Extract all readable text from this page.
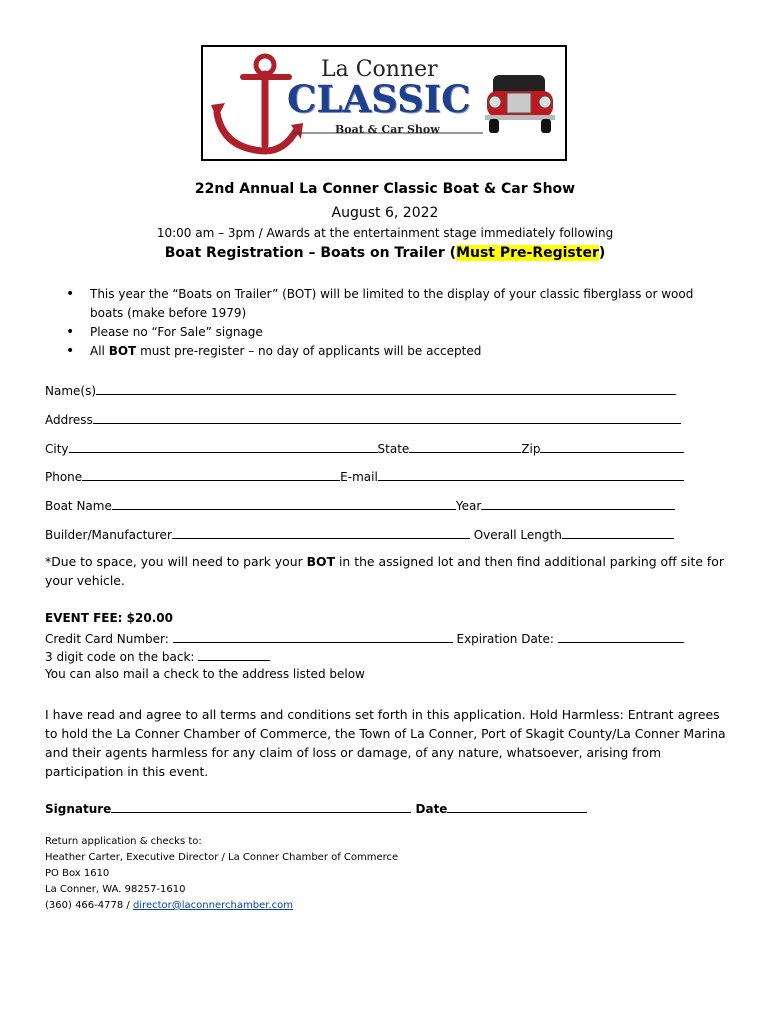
La Conner
CLASSIC
Boat & Car Show
22nd Annual La Conner Classic Boat & Car Show
August 6, 2022
10:00 am – 3pm / Awards at the entertainment stage immediately following
Boat Registration – Boats on Trailer (Must Pre-Register)
• This year the “Boats on Trailer” (BOT) will be limited to the display of your classic fiberglass or wood boats (make before 1979)
• Please no “For Sale” signage
• All BOT must pre-register – no day of applicants will be accepted
Name(s)
Address
City	State	Zip
Phone	E-mail
Boat Name	Year
Builder/Manufacturer	Overall Length
*Due to space, you will need to park your BOT in the assigned lot and then find additional parking off site for your vehicle.
EVENT FEE: $20.00
Credit Card Number:	Expiration Date:
3 digit code on the back:
You can also mail a check to the address listed below
I have read and agree to all terms and conditions set forth in this application. Hold Harmless: Entrant agrees to hold the La Conner Chamber of Commerce, the Town of La Conner, Port of Skagit County/La Conner Marina and their agents harmless for any claim of loss or damage, of any nature, whatsoever, arising from participation in this event.
Signature	Date
Return application & checks to:
Heather Carter, Executive Director / La Conner Chamber of Commerce
PO Box 1610
La Conner, WA. 98257-1610
(360) 466-4778 / director@laconnerchamber.com
